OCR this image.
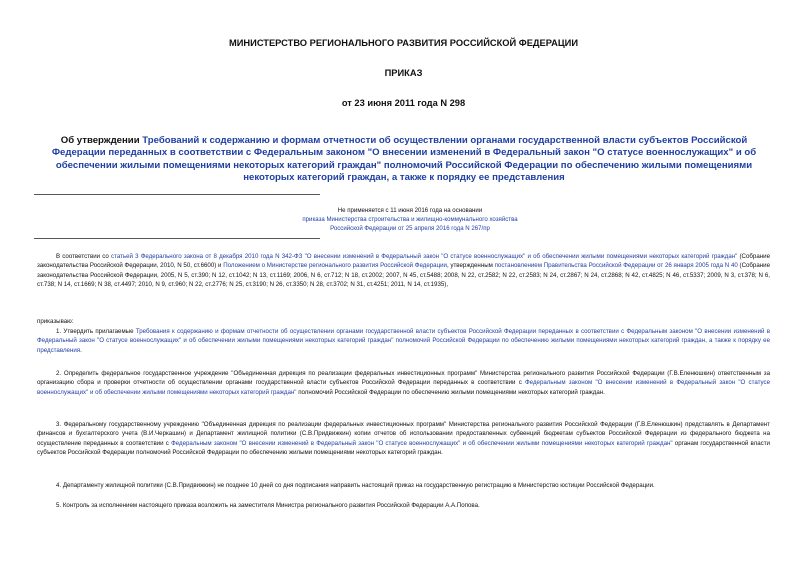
МИНИСТЕРСТВО РЕГИОНАЛЬНОГО РАЗВИТИЯ РОССИЙСКОЙ ФЕДЕРАЦИИ
ПРИКАЗ
от 23 июня 2011 года N 298
Об утверждении Требований к содержанию и формам отчетности об осуществлении органами государственной власти субъектов Российской Федерации переданных в соответствии с Федеральным законом "О внесении изменений в Федеральный закон "О статусе военнослужащих" и об обеспечении жилыми помещениями некоторых категорий граждан" полномочий Российской Федерации по обеспечению жилыми помещениями некоторых категорий граждан, а также к порядку ее представления
Не применяется с 11 июня 2016 года на основании
приказа Министерства строительства и жилищно-коммунального хозяйства Российской Федерации от 25 апреля 2016 года N 267/пр
В соответствии со статьей 3 Федерального закона от 8 декабря 2010 года N 342-ФЗ "О внесении изменений в Федеральный закон "О статусе военнослужащих" и об обеспечении жилыми помещениями некоторых категорий граждан" (Собрание законодательства Российской Федерации, 2010, N 50, ст.6600) и Положением о Министерстве регионального развития Российской Федерации, утвержденным постановлением Правительства Российской Федерации от 26 января 2005 года N 40 (Собрание законодательства Российской Федерации, 2005, N 5, ст.390; N 12, ст.1042; N 13, ст.1169; 2006, N 6, ст.712; N 18, ст.2002; 2007, N 45, ст.5488; 2008, N 22, ст.2582; N 22, ст.2583; N 24, ст.2867; N 24, ст.2868; N 42, ст.4825; N 46, ст.5337; 2009, N 3, ст.378; N 6, ст.738; N 14, ст.1669; N 38, ст.4497; 2010, N 9, ст.960; N 22, ст.2776; N 25, ст.3190; N 26, ст.3350; N 28, ст.3702; N 31, ст.4251; 2011, N 14, ст.1935),
приказываю:
1. Утвердить прилагаемые Требования к содержанию и формам отчетности об осуществлении органами государственной власти субъектов Российской Федерации переданных в соответствии с Федеральным законом "О внесении изменений в Федеральный закон "О статусе военнослужащих" и об обеспечении жилыми помещениями некоторых категорий граждан" полномочий Российской Федерации по обеспечению жилыми помещениями некоторых категорий граждан, а также к порядку ее представления.
2. Определить федеральное государственное учреждение "Объединенная дирекция по реализации федеральных инвестиционных программ" Министерства регионального развития Российской Федерации (Г.В.Еленюшкин) ответственным за организацию сбора и проверки отчетности об осуществлении органами государственной власти субъектов Российской Федерации переданных в соответствии с Федеральным законом "О внесении изменений в Федеральный закон "О статусе военнослужащих" и об обеспечении жилыми помещениями некоторых категорий граждан" полномочий Российской Федерации по обеспечению жилыми помещениями некоторых категорий граждан.
3. Федеральному государственному учреждению "Объединенная дирекция по реализации федеральных инвестиционных программ" Министерства регионального развития Российской Федерации (Г.В.Еленюшкин) представлять в Департамент финансов и бухгалтерского учета (В.И.Черкашин) и Департамент жилищной политики (С.В.Придвижкин) копии отчетов об использовании предоставленных субвенций бюджетам субъектов Российской Федерации из федерального бюджета на осуществление переданных в соответствии с Федеральным законом "О внесении изменений в Федеральный закон "О статусе военнослужащих" и об обеспечении жилыми помещениями некоторых категорий граждан" органам государственной власти субъектов Российской Федерации полномочий Российской Федерации по обеспечению жилыми помещениями некоторых категорий граждан.
4. Департаменту жилищной политики (С.В.Придвижкин) не позднее 10 дней со дня подписания направить настоящий приказ на государственную регистрацию в Министерство юстиции Российской Федерации.
5. Контроль за исполнением настоящего приказа возложить на заместителя Министра регионального развития Российской Федерации А.А.Попова.
